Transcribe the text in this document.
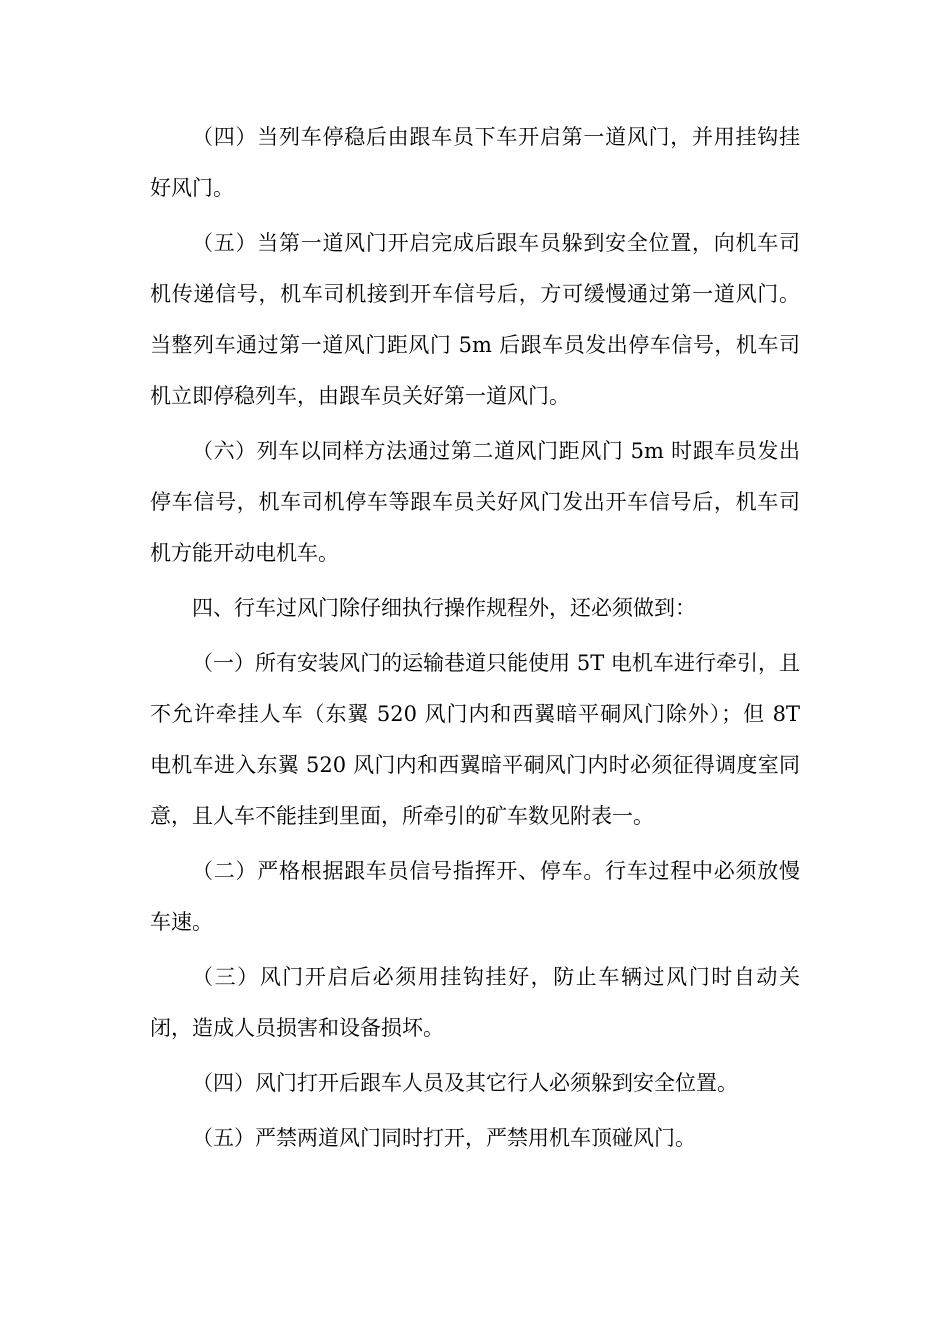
（四）当列车停稳后由跟车员下车开启第一道风门，并用挂钩挂好风门。

（五）当第一道风门开启完成后跟车员躲到安全位置，向机车司机传递信号，机车司机接到开车信号后，方可缓慢通过第一道风门。当整列车通过第一道风门距风门 5m 后跟车员发出停车信号，机车司机立即停稳列车，由跟车员关好第一道风门。

（六）列车以同样方法通过第二道风门距风门 5m 时跟车员发出停车信号，机车司机停车等跟车员关好风门发出开车信号后，机车司机方能开动电机车。

四、行车过风门除仔细执行操作规程外，还必须做到：

（一）所有安装风门的运输巷道只能使用 5T 电机车进行牵引，且不允许牵挂人车（东翼 520 风门内和西翼暗平硐风门除外）；但 8T 电机车进入东翼 520 风门内和西翼暗平硐风门内时必须征得调度室同意，且人车不能挂到里面，所牵引的矿车数见附表一。

（二）严格根据跟车员信号指挥开、停车。行车过程中必须放慢车速。

（三）风门开启后必须用挂钩挂好，防止车辆过风门时自动关闭，造成人员损害和设备损坏。

（四）风门打开后跟车人员及其它行人必须躲到安全位置。

（五）严禁两道风门同时打开，严禁用机车顶碰风门。
